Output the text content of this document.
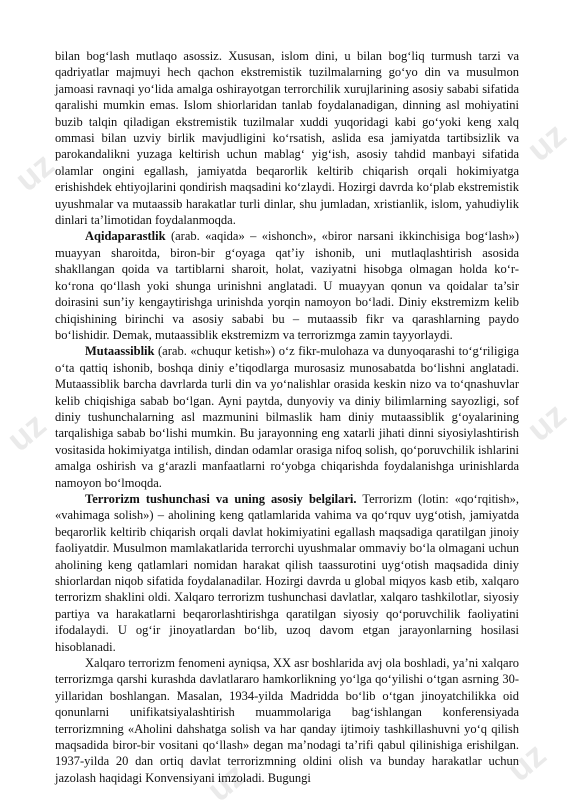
uz
uz
uz	uz
uz	uz

bilan bog‘lash mutlaqo asossiz. Xususan, islom dini, u bilan bog‘liq turmush tarzi va qadriyatlar majmuyi hech qachon ekstremistik tuzilmalarning go‘yo din va musulmon jamoasi ravnaqi yo‘lida amalga oshirayotgan terrorchilik xurujlarining asosiy sababi sifatida qaralishi mumkin emas. Islom shiorlaridan tanlab foydalanadigan, dinning asl mohiyatini buzib talqin qiladigan ekstremistik tuzilmalar xuddi yuqoridagi kabi go‘yoki keng xalq ommasi bilan uzviy birlik mavjudligini ko‘rsatish, aslida esa jamiyatda tartibsizlik va parokandalikni yuzaga keltirish uchun mablag‘ yig‘ish, asosiy tahdid manbayi sifatida olamlar ongini egallash, jamiyatda beqarorlik keltirib chiqarish orqali hokimiyatga erishishdek ehtiyojlarini qondirish maqsadini ko‘zlaydi. Hozirgi davrda ko‘plab ekstremistik uyushmalar va mutaassib harakatlar turli dinlar, shu jumladan, xristianlik, islom, yahudiylik dinlari ta’limotidan foydalanmoqda.

Aqidaparastlik (arab. «aqida» – «ishonch», «biror narsani ikkinchisiga bog‘lash») muayyan sharoitda, biron-bir g‘oyaga qat’iy ishonib, uni mutlaqlashtirish asosida shakllangan qoida va tartiblarni sharoit, holat, vaziyatni hisobga olmagan holda ko‘r-ko‘rona qo‘llash yoki shunga urinishni anglatadi. U muayyan qonun va qoidalar ta’sir doirasini sun’iy kengaytirishga urinishda yorqin namoyon bo‘ladi. Diniy ekstremizm kelib chiqishining birinchi va asosiy sababi bu – mutaassib fikr va qarashlarning paydo bo‘lishidir. Demak, mutaassiblik ekstremizm va terrorizmga zamin tayyorlaydi.

Mutaassiblik (arab. «chuqur ketish») o‘z fikr-mulohaza va dunyoqarashi to‘g‘riligiga o‘ta qattiq ishonib, boshqa diniy e’tiqodlarga murosasiz munosabatda bo‘lishni anglatadi. Mutaassiblik barcha davrlarda turli din va yo‘nalishlar orasida keskin nizo va to‘qnashuvlar kelib chiqishiga sabab bo‘lgan. Ayni paytda, dunyoviy va diniy bilimlarning sayozligi, sof diniy tushunchalarning asl mazmunini bilmaslik ham diniy mutaassiblik g‘oyalarining tarqalishiga sabab bo‘lishi mumkin. Bu jarayonning eng xatarli jihati dinni siyosiylashtirish vositasida hokimiyatga intilish, dindan odamlar orasiga nifoq solish, qo‘poruvchilik ishlarini amalga oshirish va g‘arazli manfaatlarni ro‘yobga chiqarishda foydalanishga urinishlarda namoyon bo‘lmoqda.

Terrorizm tushunchasi va uning asosiy belgilari. Terrorizm (lotin: «qo‘rqitish», «vahimaga solish») – aholining keng qatlamlarida vahima va qo‘rquv uyg‘otish, jamiyatda beqarorlik keltirib chiqarish orqali davlat hokimiyatini egallash maqsadiga qaratilgan jinoiy faoliyatdir. Musulmon mamlakatlarida terrorchi uyushmalar ommaviy bo‘la olmagani uchun aholining keng qatlamlari nomidan harakat qilish taassurotini uyg‘otish maqsadida diniy shiorlardan niqob sifatida foydalanadilar. Hozirgi davrda u global miqyos kasb etib, xalqaro terrorizm shaklini oldi. Xalqaro terrorizm tushunchasi davlatlar, xalqaro tashkilotlar, siyosiy partiya va harakatlarni beqarorlashtirishga qaratilgan siyosiy qo‘poruvchilik faoliyatini ifodalaydi. U og‘ir jinoyatlardan bo‘lib, uzoq davom etgan jarayonlarning hosilasi hisoblanadi.

Xalqaro terrorizm fenomeni ayniqsa, XX asr boshlarida avj ola boshladi, ya’ni xalqaro terrorizmga qarshi kurashda davlatlararo hamkorlikning yo‘lga qo‘yilishi o‘tgan asrning 30-yillaridan boshlangan. Masalan, 1934-yilda Madridda bo‘lib o‘tgan jinoyatchilikka oid qonunlarni unifikatsiyalashtirish muammolariga bag‘ishlangan konferensiyada terrorizmning «Aholini dahshatga solish va har qanday ijtimoiy tashkillashuvni yo‘q qilish maqsadida biror-bir vositani qo‘llash» degan ma’nodagi ta’rifi qabul qilinishiga erishilgan. 1937-yilda 20 dan ortiq davlat terrorizmning oldini olish va bunday harakatlar uchun jazolash haqidagi Konvensiyani imzoladi. Bugungi
